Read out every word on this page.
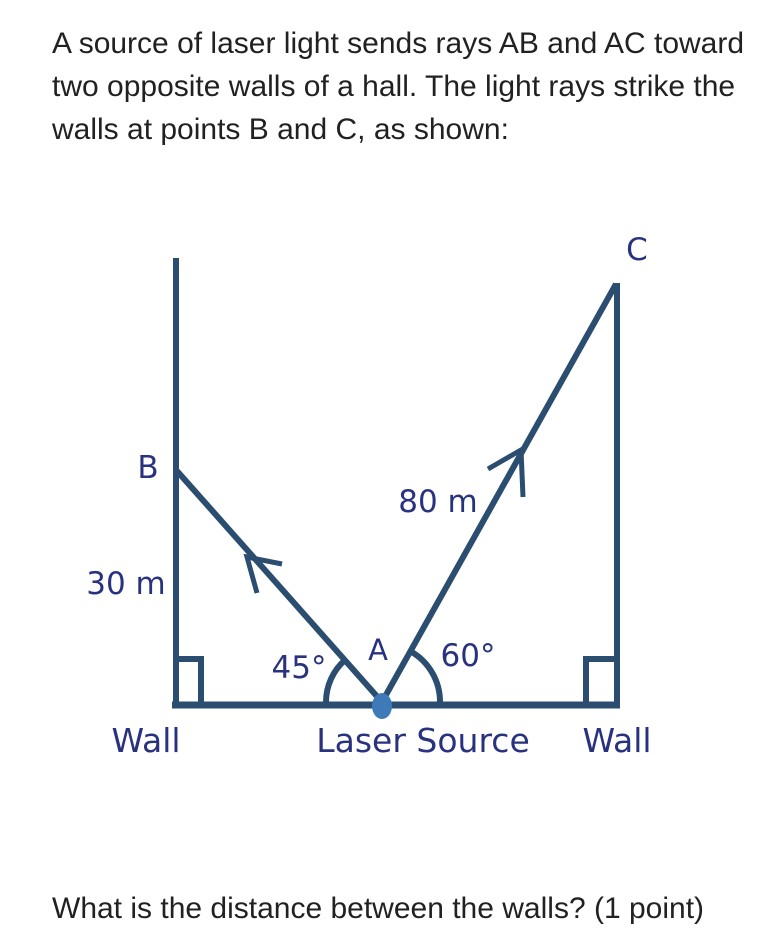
A source of laser light sends rays AB and AC toward
two opposite walls of a hall. The light rays strike the
walls at points B and C, as shown:
C
B
80 m
30 m
45° A 60°
Wall	Laser Source Wall
What is the distance between the walls? (1 point)
